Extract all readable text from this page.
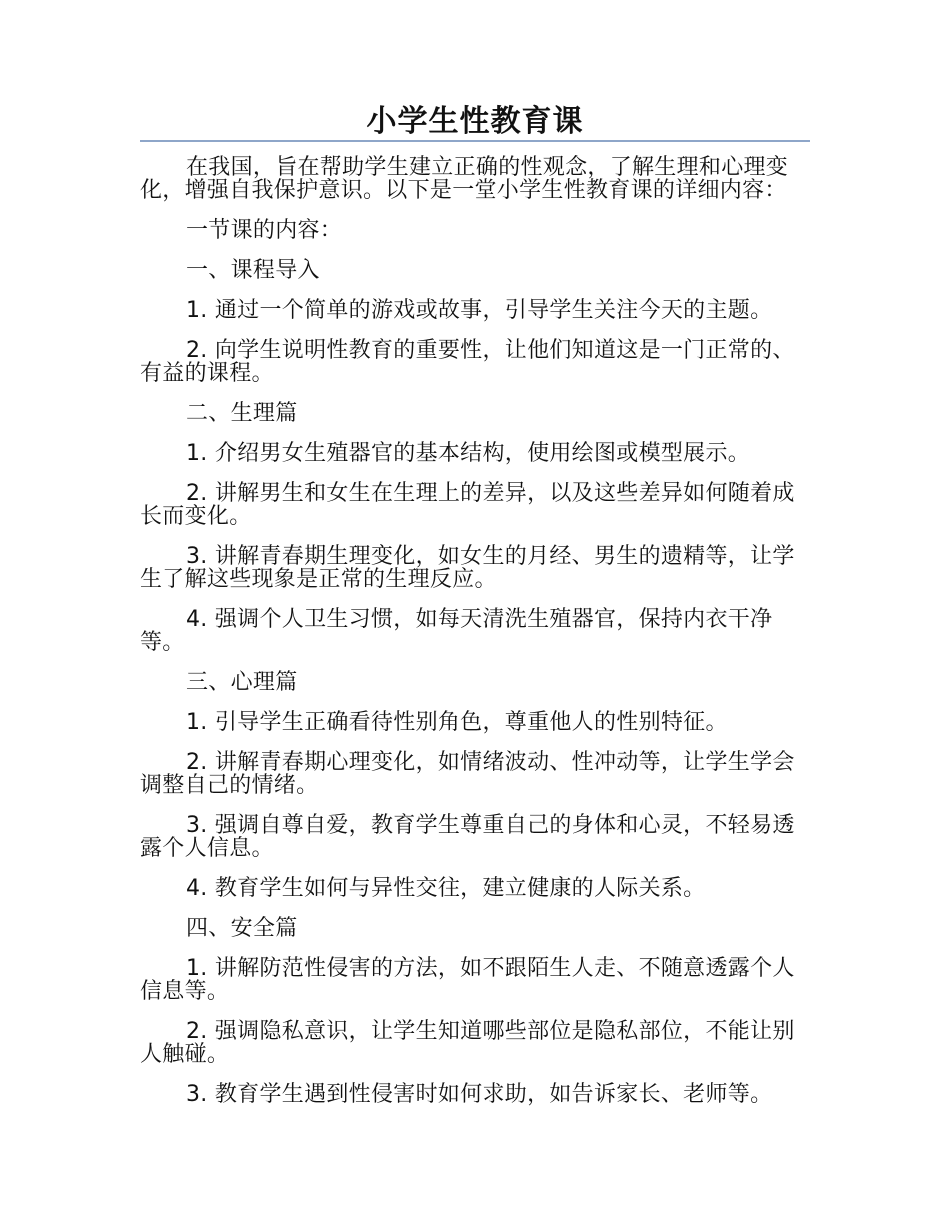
小学生性教育课

在我国，旨在帮助学生建立正确的性观念，了解生理和心理变化，增强自我保护意识。以下是一堂小学生性教育课的详细内容：

一节课的内容：

一、课程导入

1. 通过一个简单的游戏或故事，引导学生关注今天的主题。

2. 向学生说明性教育的重要性，让他们知道这是一门正常的、有益的课程。

二、生理篇

1. 介绍男女生殖器官的基本结构，使用绘图或模型展示。

2. 讲解男生和女生在生理上的差异，以及这些差异如何随着成长而变化。

3. 讲解青春期生理变化，如女生的月经、男生的遗精等，让学生了解这些现象是正常的生理反应。

4. 强调个人卫生习惯，如每天清洗生殖器官，保持内衣干净等。

三、心理篇

1. 引导学生正确看待性别角色，尊重他人的性别特征。

2. 讲解青春期心理变化，如情绪波动、性冲动等，让学生学会调整自己的情绪。

3. 强调自尊自爱，教育学生尊重自己的身体和心灵，不轻易透露个人信息。

4. 教育学生如何与异性交往，建立健康的人际关系。

四、安全篇

1. 讲解防范性侵害的方法，如不跟陌生人走、不随意透露个人信息等。

2. 强调隐私意识，让学生知道哪些部位是隐私部位，不能让别人触碰。

3. 教育学生遇到性侵害时如何求助，如告诉家长、老师等。
